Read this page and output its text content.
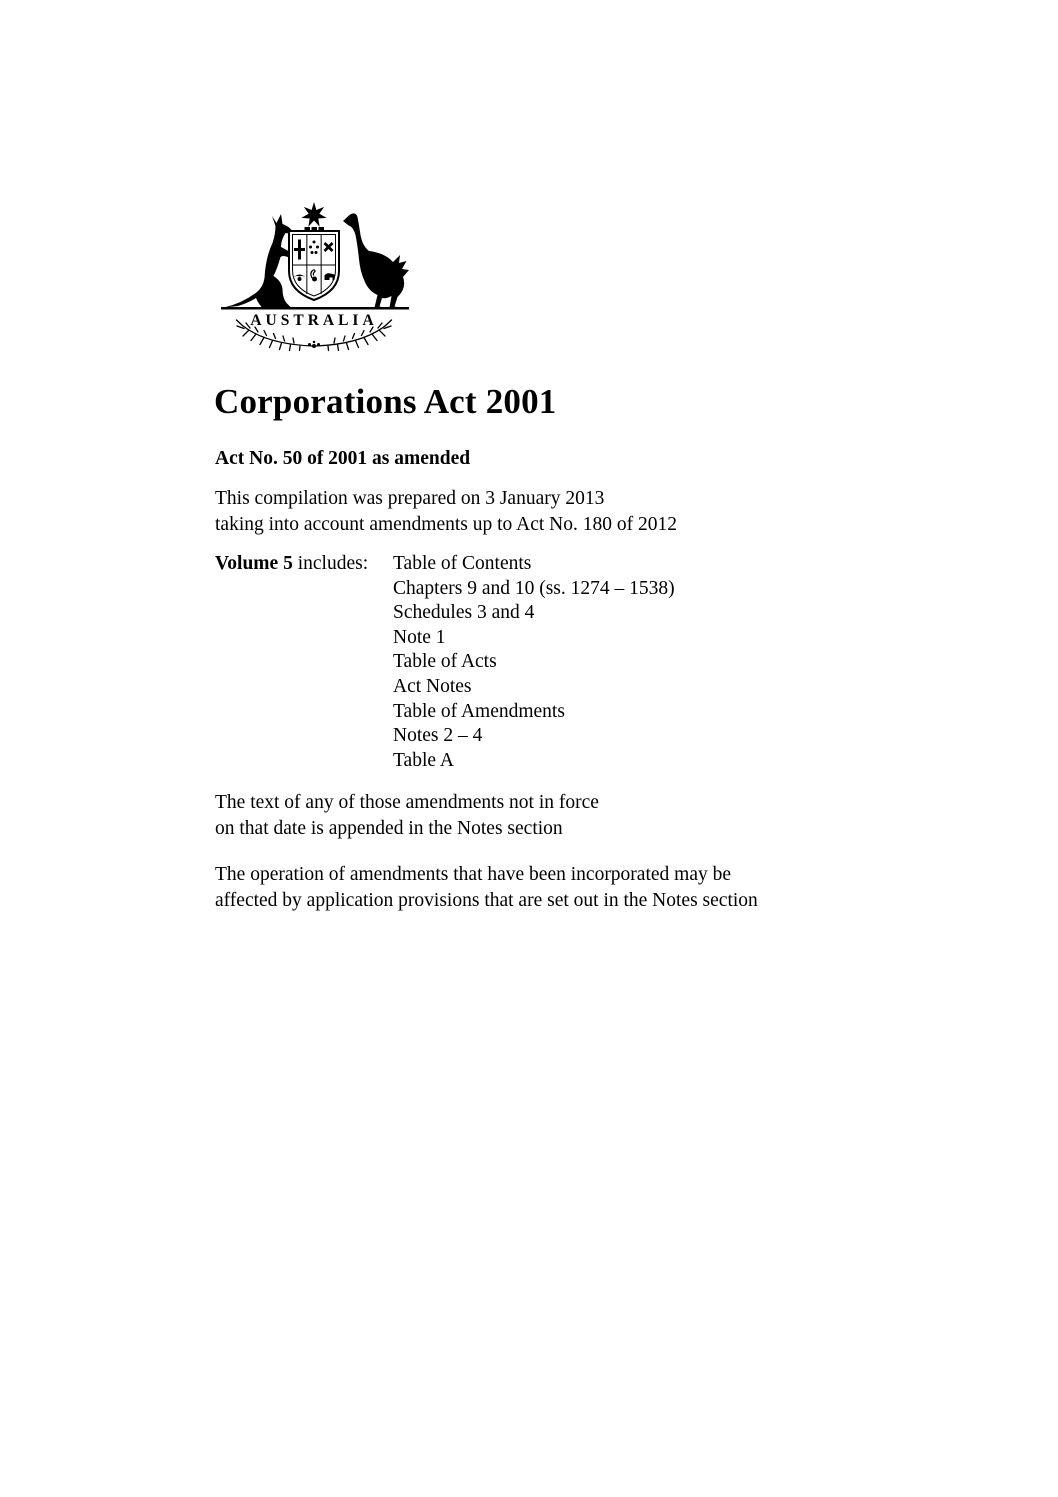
AUSTRALIA
Corporations Act 2001

Act No. 50 of 2001 as amended

This compilation was prepared on 3 January 2013
taking into account amendments up to Act No. 180 of 2012
Volume 5 includes:	Table of Contents
Chapters 9 and 10 (ss. 1274 – 1538)
Schedules 3 and 4
Note 1
Table of Acts
Act Notes
Table of Amendments
Notes 2 – 4
Table A
The text of any of those amendments not in force
on that date is appended in the Notes section
The operation of amendments that have been incorporated may be
affected by application provisions that are set out in the Notes section
